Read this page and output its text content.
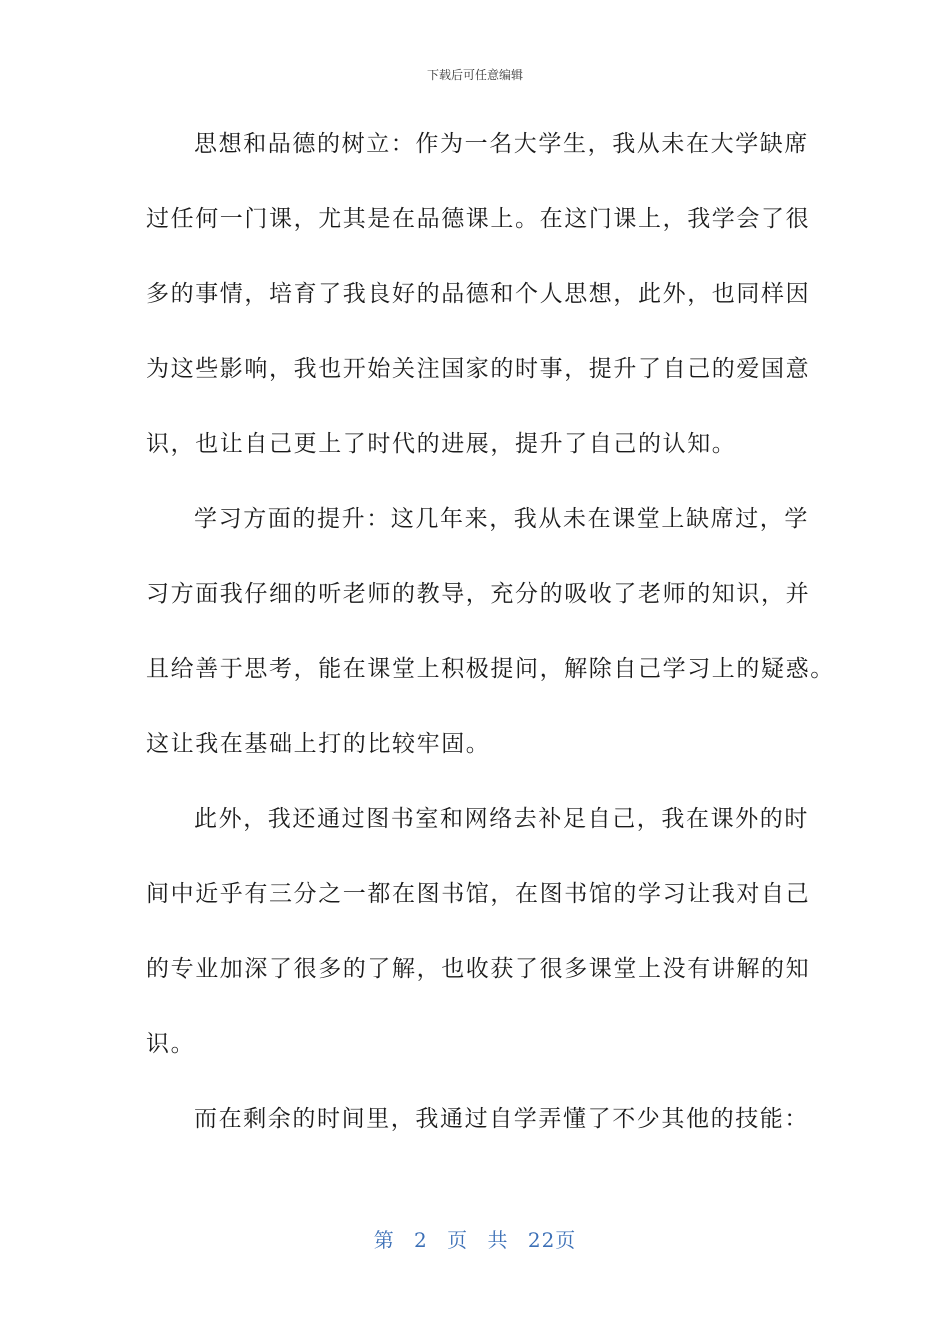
下载后可任意编辑
思想和品德的树立：作为一名大学生，我从未在大学缺席
过任何一门课，尤其是在品德课上。在这门课上，我学会了很
多的事情，培育了我良好的品德和个人思想，此外，也同样因
为这些影响，我也开始关注国家的时事，提升了自己的爱国意
识，也让自己更上了时代的进展，提升了自己的认知。
学习方面的提升：这几年来，我从未在课堂上缺席过，学
习方面我仔细的听老师的教导，充分的吸收了老师的知识，并
且给善于思考，能在课堂上积极提问，解除自己学习上的疑惑。
这让我在基础上打的比较牢固。
此外，我还通过图书室和网络去补足自己，我在课外的时
间中近乎有三分之一都在图书馆，在图书馆的学习让我对自己
的专业加深了很多的了解，也收获了很多课堂上没有讲解的知
识。
而在剩余的时间里，我通过自学弄懂了不少其他的技能：
第 2 页 共 22页
